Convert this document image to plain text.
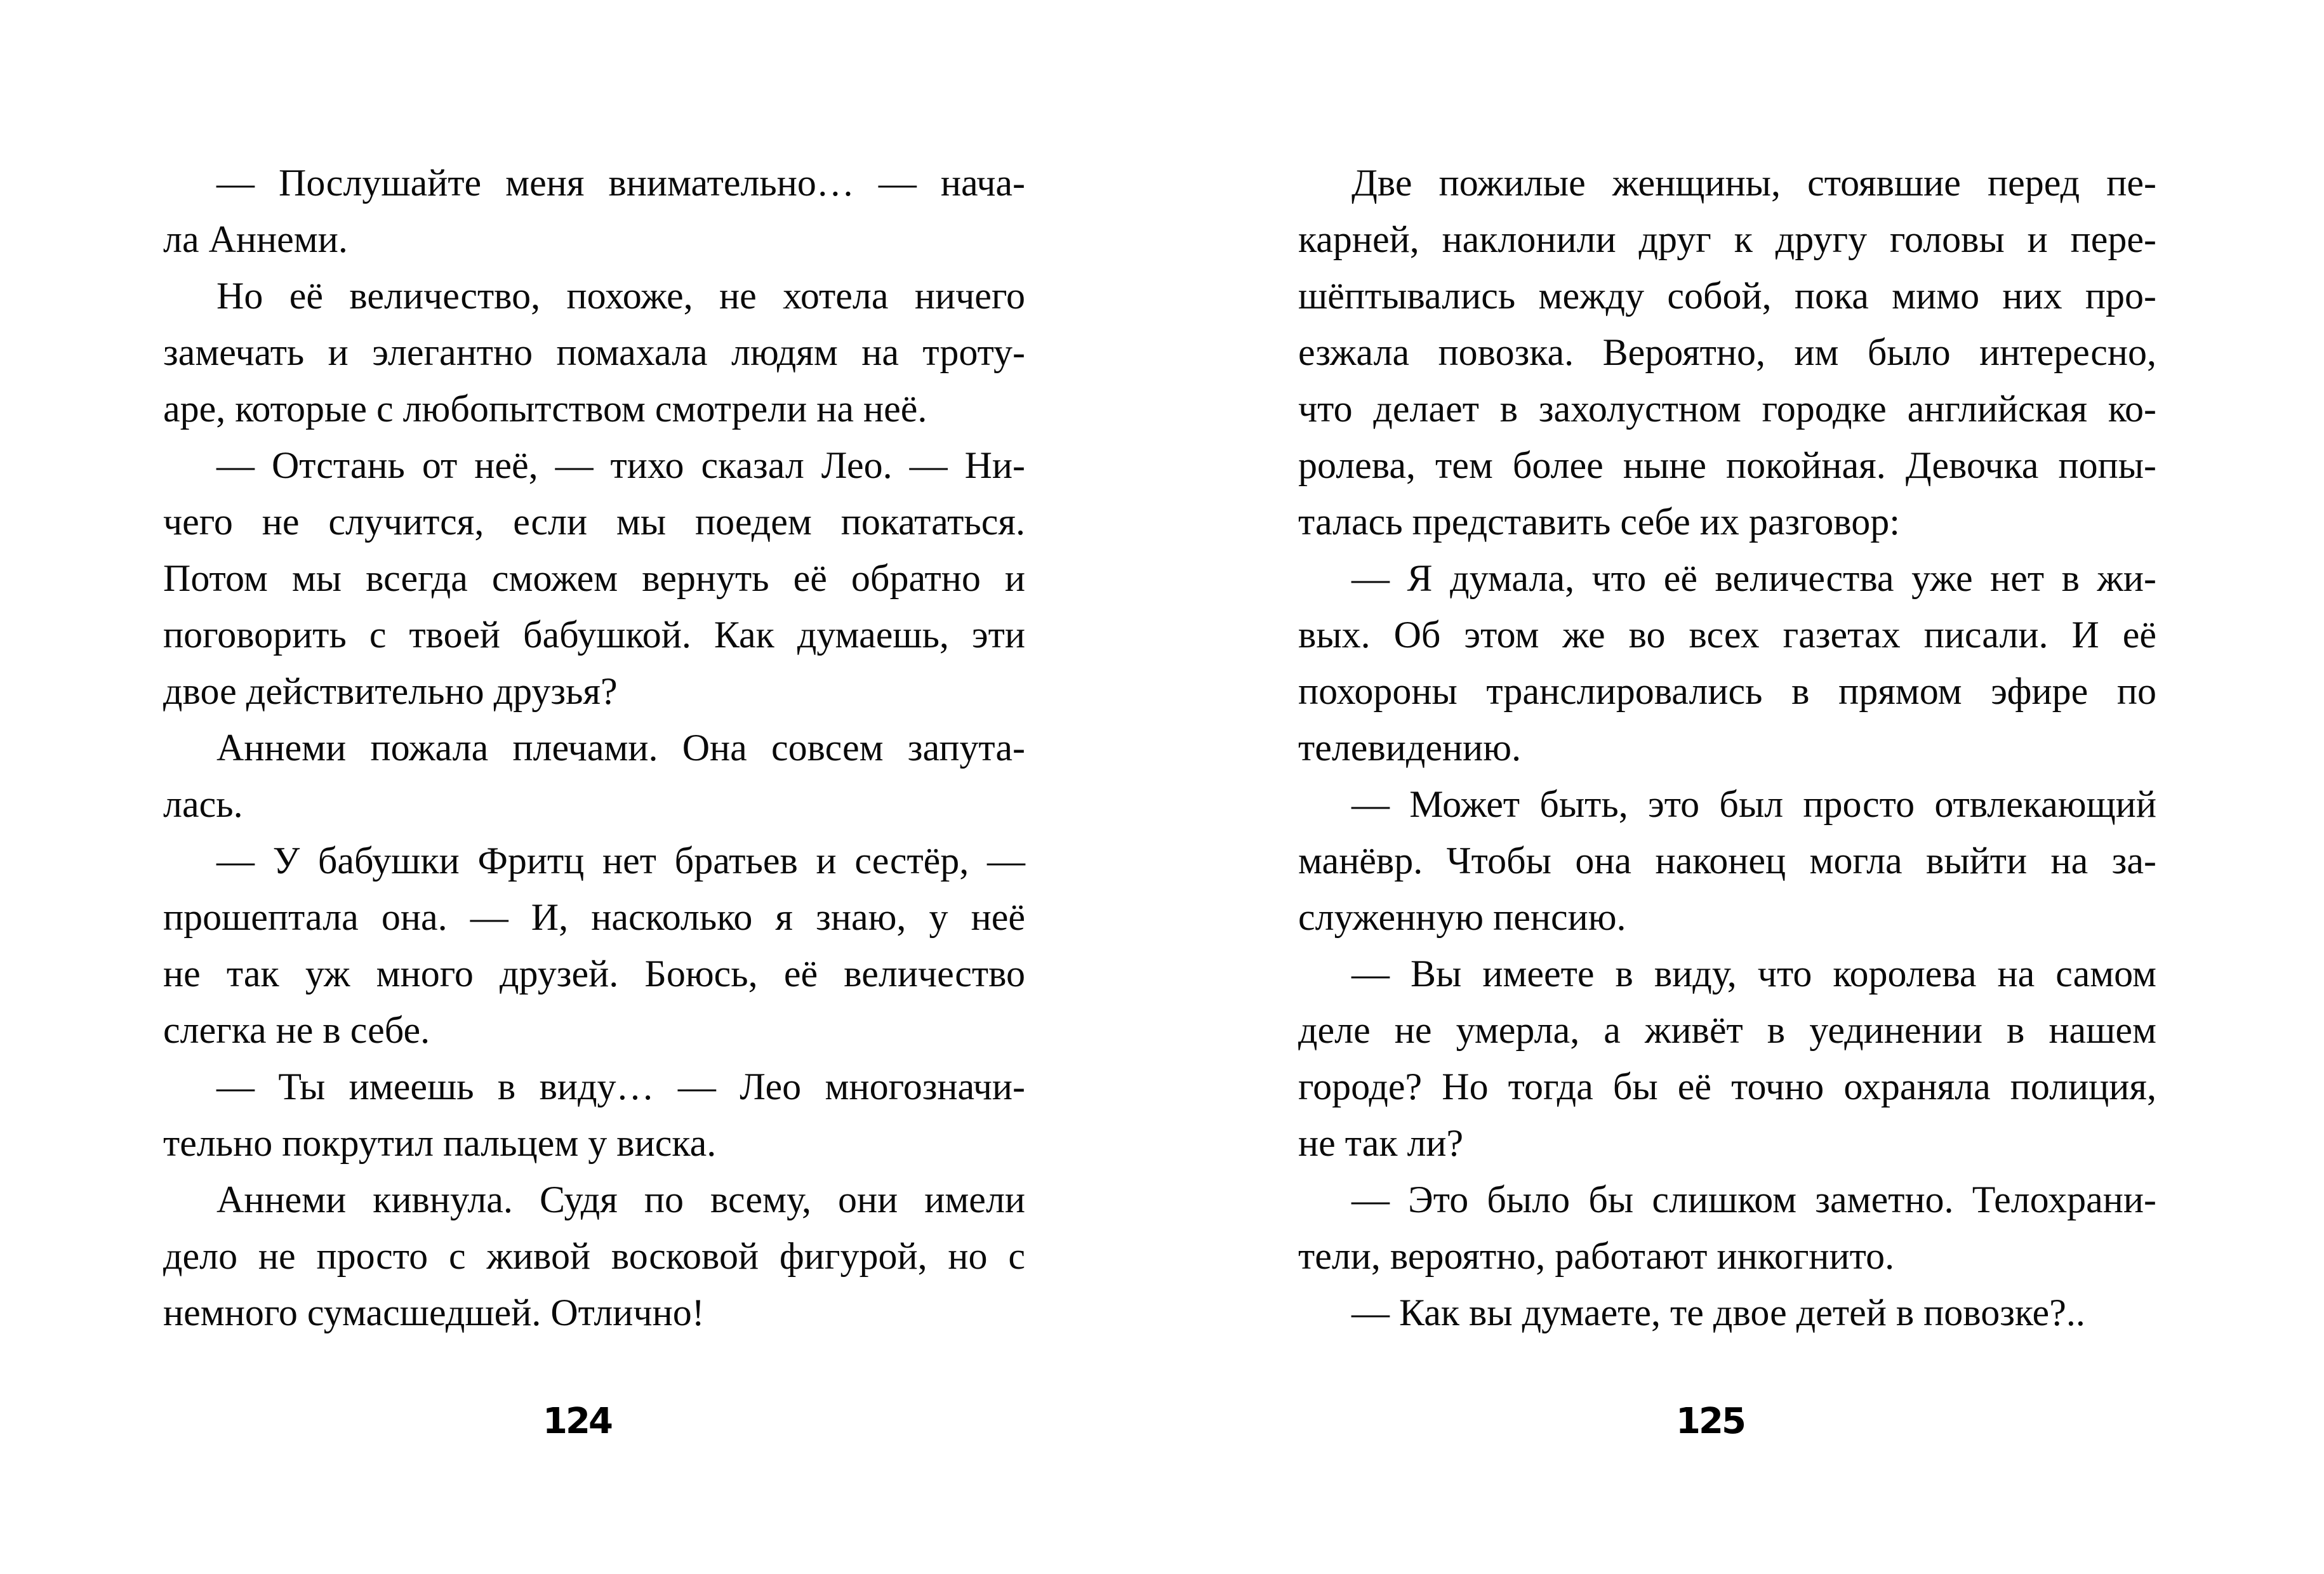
— Послушайте меня внимательно… — нача-
ла Аннеми.
Но её величество, похоже, не хотела ничего
замечать и элегантно помахала людям на троту-
аре, которые с любопытством смотрели на неё.
— Отстань от неё, — тихо сказал Лео. — Ни-
чего не случится, если мы поедем покататься.
Потом мы всегда сможем вернуть её обратно и
поговорить с твоей бабушкой. Как думаешь, эти
двое действительно друзья?
Аннеми пожала плечами. Она совсем запута-
лась.
— У бабушки Фритц нет братьев и сестёр, —
прошептала она. — И, насколько я знаю, у неё
не так уж много друзей. Боюсь, её величество
слегка не в себе.
— Ты имеешь в виду… — Лео многозначи-
тельно покрутил пальцем у виска.
Аннеми кивнула. Судя по всему, они имели
дело не просто с живой восковой фигурой, но с
немного сумасшедшей. Отлично!
124
Две пожилые женщины, стоявшие перед пе-
карней, наклонили друг к другу головы и пере-
шёптывались между собой, пока мимо них про-
езжала повозка. Вероятно, им было интересно,
что делает в захолустном городке английская ко-
ролева, тем более ныне покойная. Девочка попы-
талась представить себе их разговор:
— Я думала, что её величества уже нет в жи-
вых. Об этом же во всех газетах писали. И её
похороны транслировались в прямом эфире по
телевидению.
— Может быть, это был просто отвлекающий
манёвр. Чтобы она наконец могла выйти на за-
служенную пенсию.
— Вы имеете в виду, что королева на самом
деле не умерла, а живёт в уединении в нашем
городе? Но тогда бы её точно охраняла полиция,
не так ли?
— Это было бы слишком заметно. Телохрани-
тели, вероятно, работают инкогнито.
— Как вы думаете, те двое детей в повозке?..
125
